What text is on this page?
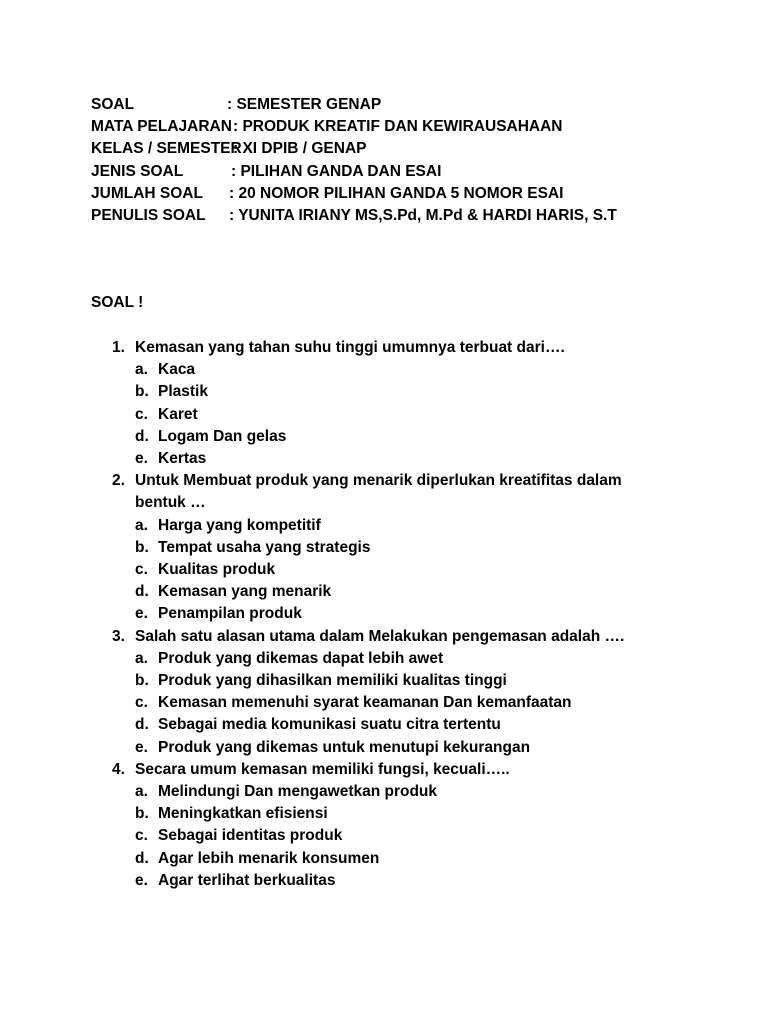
SOAL	: SEMESTER GENAP
MATA PELAJARAN : PRODUK KREATIF DAN KEWIRAUSAHAAN
KELAS / SEMESTER
: XI DPIB / GENAP
JENIS SOAL	: PILIHAN GANDA DAN ESAI
JUMLAH SOAL : 20 NOMOR PILIHAN GANDA 5 NOMOR ESAI
PENULIS SOAL : YUNITA IRIANY MS,S.Pd, M.Pd & HARDI HARIS, S.T
SOAL !
1. Kemasan yang tahan suhu tinggi umumnya terbuat dari….
a. Kaca
b. Plastik
c. Karet
d. Logam Dan gelas
e. Kertas
2. Untuk Membuat produk yang menarik diperlukan kreatifitas dalam bentuk …
a. Harga yang kompetitif
b. Tempat usaha yang strategis
c. Kualitas produk
d. Kemasan yang menarik
e. Penampilan produk
3. Salah satu alasan utama dalam Melakukan pengemasan adalah ….
a. Produk yang dikemas dapat lebih awet
b. Produk yang dihasilkan memiliki kualitas tinggi
c. Kemasan memenuhi syarat keamanan Dan kemanfaatan
d. Sebagai media komunikasi suatu citra tertentu
e. Produk yang dikemas untuk menutupi kekurangan
4. Secara umum kemasan memiliki fungsi, kecuali…..
a. Melindungi Dan mengawetkan produk
b. Meningkatkan efisiensi
c. Sebagai identitas produk
d. Agar lebih menarik konsumen
e. Agar terlihat berkualitas
